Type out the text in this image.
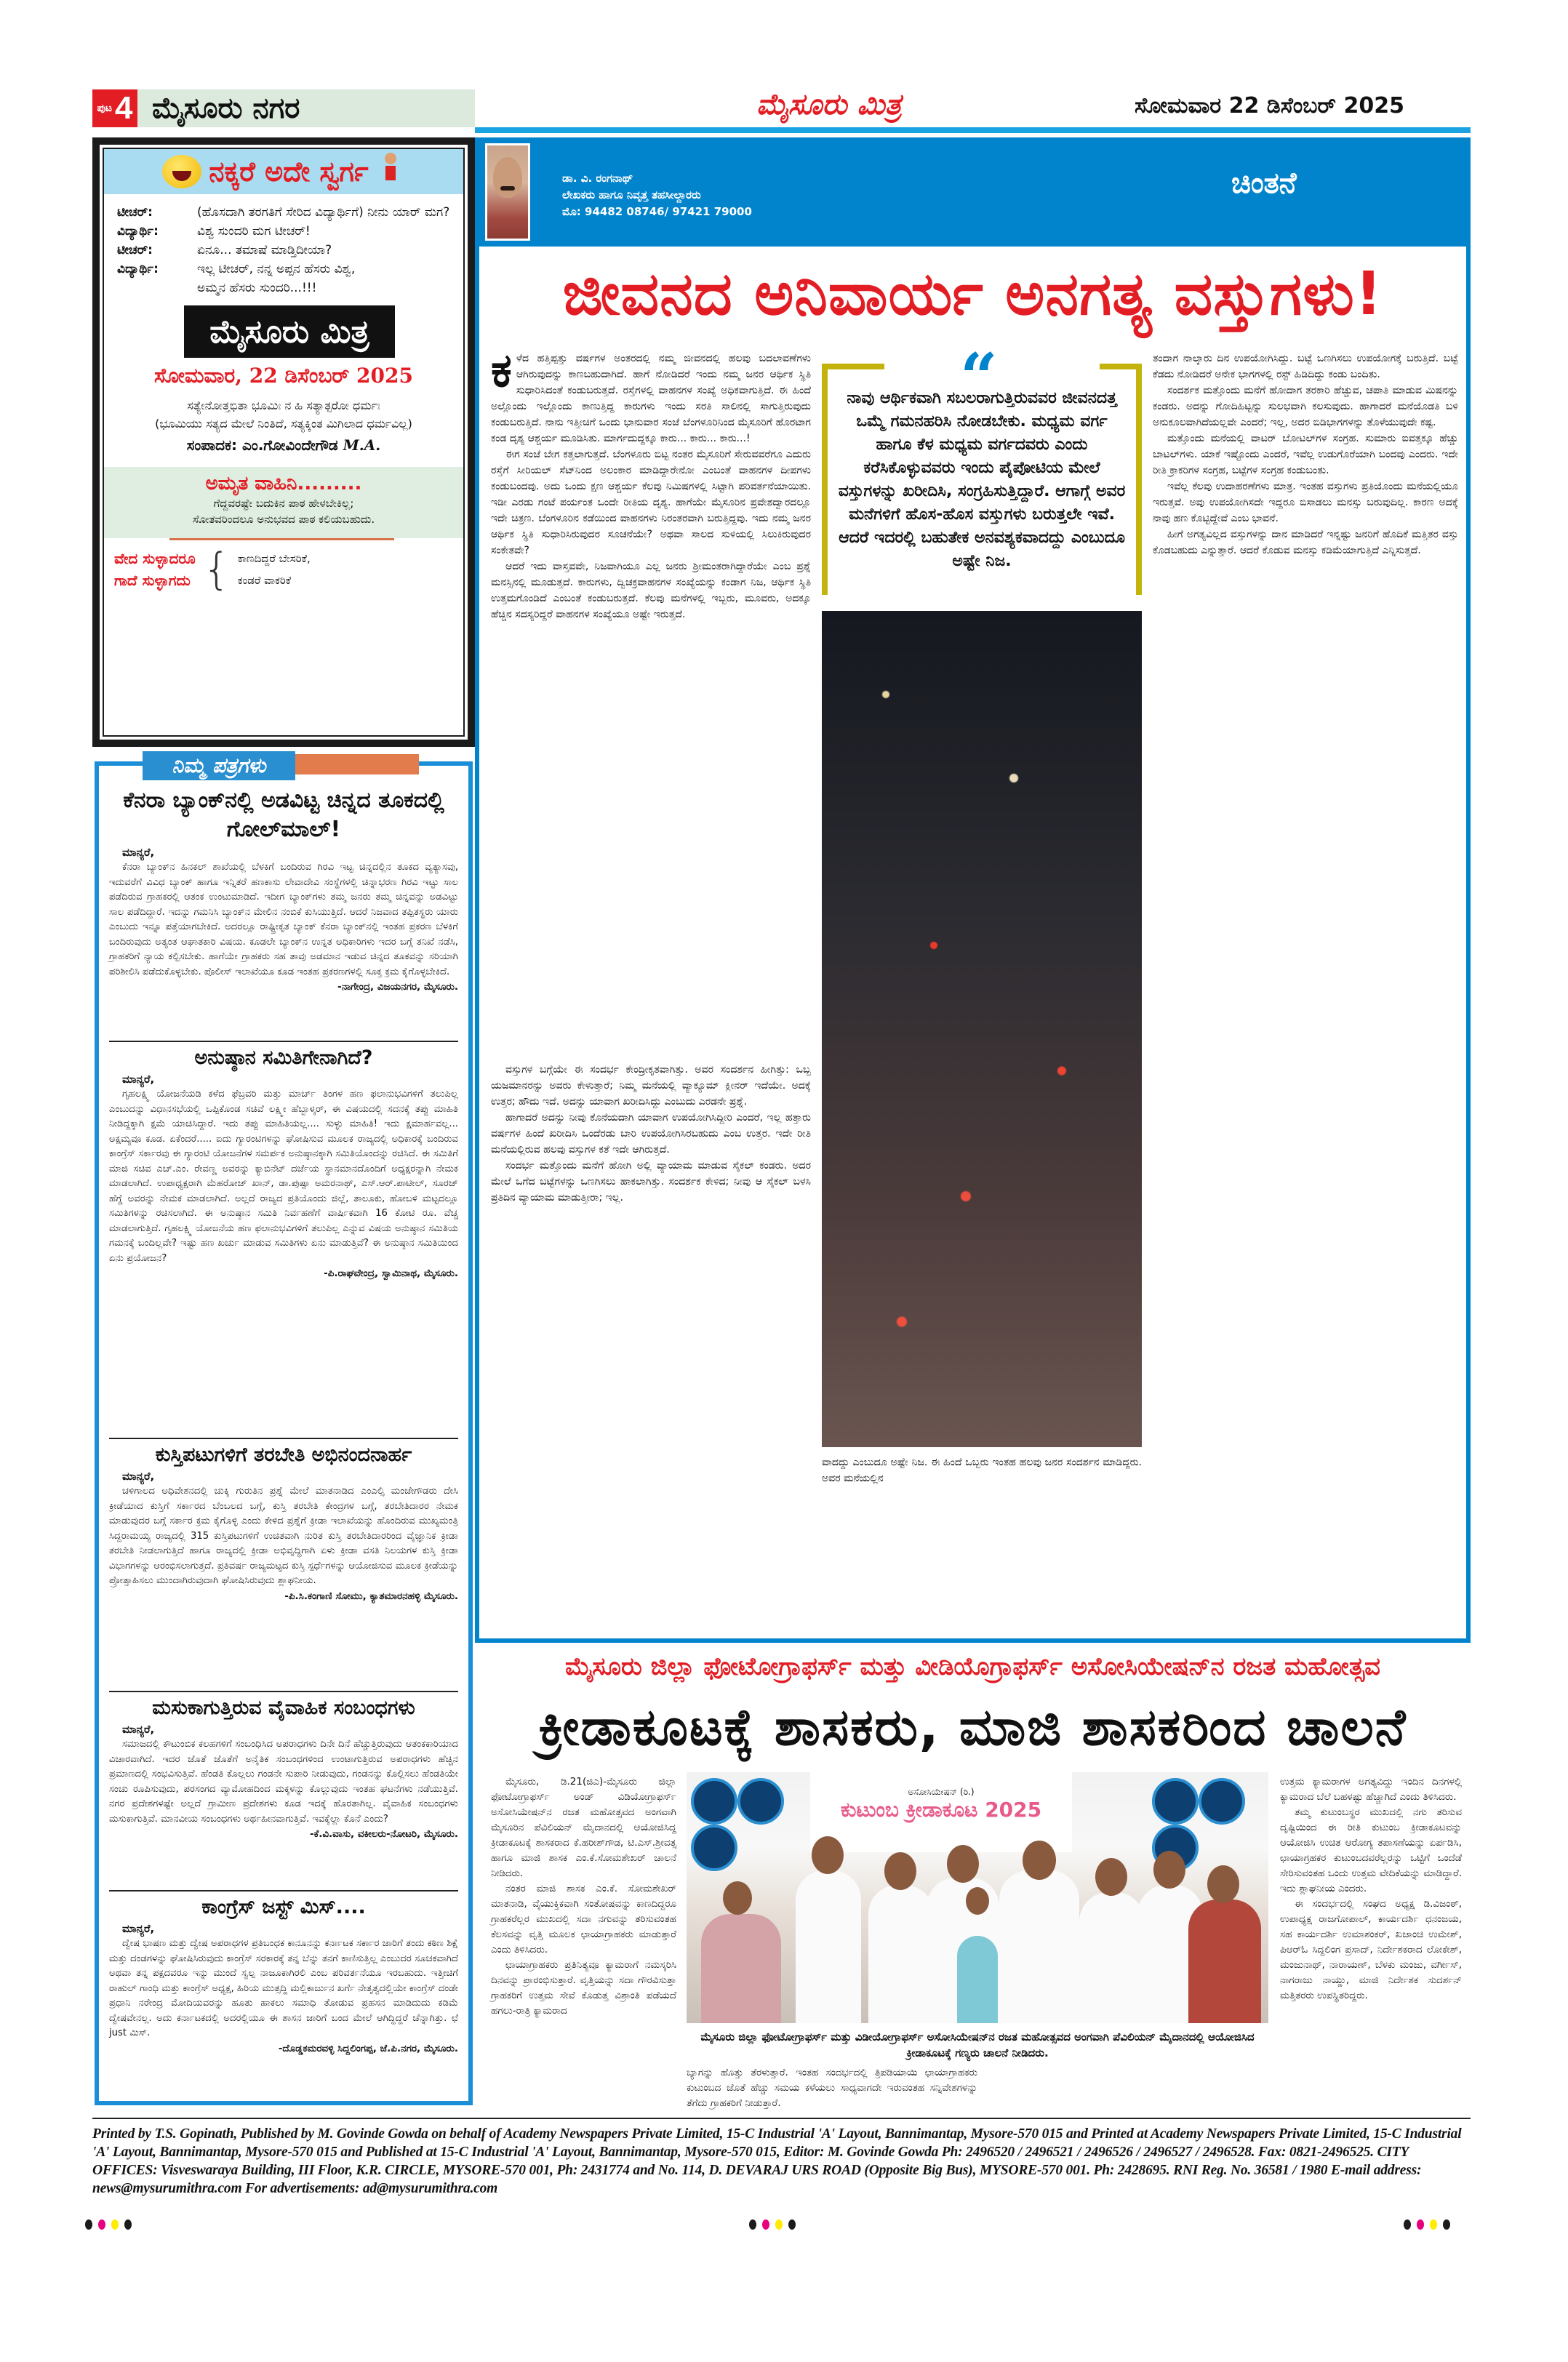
ಪುಟ 4 ಮೈಸೂರು ನಗರ	ಮೈಸೂರು ಮಿತ್ರ	ಸೋಮವಾರ 22 ಡಿಸೆಂಬರ್ 2025
ನಕ್ಕರೆ ಅದೇ ಸ್ವರ್ಗ
ಟೀಚರ್:	(ಹೊಸದಾಗಿ ತರಗತಿಗೆ ಸೇರಿದ ವಿದ್ಯಾರ್ಥಿಗೆ) ನೀನು ಯಾರ್ ಮಗ?
ವಿದ್ಯಾರ್ಥಿ:	ವಿಶ್ವ ಸುಂದರಿ ಮಗ ಟೀಚರ್!
ಟೀಚರ್:	ಏನೂ... ತಮಾಷೆ ಮಾಡ್ತಿದೀಯಾ?
ವಿದ್ಯಾರ್ಥಿ:	ಇಲ್ಲ ಟೀಚರ್, ನನ್ನ ಅಪ್ಪನ ಹೆಸರು ವಿಶ್ವ,
ಅಮ್ಮನ ಹೆಸರು ಸುಂದರಿ...!!!
ಮೈಸೂರು ಮಿತ್ರ
ಸೋಮವಾರ, 22 ಡಿಸೆಂಬರ್ 2025
ಸತ್ಯೇನೋತ್ತಭಿತಾ ಭೂಮಿಃ ನ ಹಿ ಸತ್ಯಾತ್ಪರೋ ಧರ್ಮಃ
(ಭೂಮಿಯು ಸತ್ಯದ ಮೇಲೆ ನಿಂತಿದೆ, ಸತ್ಯಕ್ಕಿಂತ ಮಿಗಿಲಾದ ಧರ್ಮವಿಲ್ಲ)
ಸಂಪಾದಕ: ಎಂ.ಗೋವಿಂದೇಗೌಡ M.A.
ಅಮೃತ ವಾಹಿನಿ.........
ಗೆದ್ದವರಷ್ಟೇ ಬದುಕಿನ ಪಾಠ ಹೇಳಬೇಕಿಲ್ಲ;
ಸೋತವರಿಂದಲೂ ಅನುಭವದ ಪಾಠ ಕಲಿಯಬಹುದು.
ವೇದ ಸುಳ್ಳಾದರೂ
ಗಾದೆ ಸುಳ್ಳಾಗದು { ಕಾಣದಿದ್ದರೆ ಬೇಸರಿಕೆ,
ಕಂಡರೆ ವಾಕರಿಕೆ
ನಿಮ್ಮ ಪತ್ರಗಳು
ಕೆನರಾ ಬ್ಯಾಂಕ್‌ನಲ್ಲಿ ಅಡವಿಟ್ಟ ಚಿನ್ನದ ತೂಕದಲ್ಲಿ ಗೋಲ್‌ಮಾಲ್!
ಮಾನ್ಯರೆ,
ಕೆನರಾ ಬ್ಯಾಂಕ್‌ನ ಹಿನಕಲ್ ಶಾಖೆಯಲ್ಲಿ ಬೆಳಕಿಗೆ ಬಂದಿರುವ ಗಿರವಿ ಇಟ್ಟ ಚಿನ್ನದಲ್ಲಿನ ತೂಕದ ವ್ಯತ್ಯಾಸವು, ಇದುವರೆಗೆ ವಿವಿಧ ಬ್ಯಾಂಕ್ ಹಾಗೂ ಇನ್ನಿತರೆ ಹಣಕಾಸು ಲೇವಾದೇವಿ ಸಂಸ್ಥೆಗಳಲ್ಲಿ ಚಿನ್ನಾಭರಣ ಗಿರವಿ ಇಟ್ಟು ಸಾಲ ಪಡೆದಿರುವ ಗ್ರಾಹಕರಲ್ಲಿ ಆತಂಕ ಉಂಟುಮಾಡಿದೆ. ಇದೀಗ ಬ್ಯಾಂಕ್‌ಗಳು ತಮ್ಮ ಜನರು ತಮ್ಮ ಚಿನ್ನವನ್ನು ಅಡವಿಟ್ಟು ಸಾಲ ಪಡೆದಿದ್ದಾರೆ. ಇದನ್ನು ಗಮನಿಸಿ ಬ್ಯಾಂಕ್‌ನ ಮೇಲಿನ ನಂಬಿಕೆ ಕುಸಿಯುತ್ತಿದೆ. ಆದರೆ ನಿಜವಾದ ತಪ್ಪಿತಸ್ಥರು ಯಾರು ಎಂಬುದು ಇನ್ನೂ ಪತ್ತೆಯಾಗಬೇಕಿದೆ. ಅದರಲ್ಲೂ ರಾಷ್ಟ್ರೀಕೃತ ಬ್ಯಾಂಕ್ ಕೆನರಾ ಬ್ಯಾಂಕ್‌ನಲ್ಲಿ ಇಂತಹ ಪ್ರಕರಣ ಬೆಳಕಿಗೆ ಬಂದಿರುವುದು ಅತ್ಯಂತ ಆಘಾತಕಾರಿ ವಿಷಯ. ಕೂಡಲೇ ಬ್ಯಾಂಕ್‌ನ ಉನ್ನತ ಅಧಿಕಾರಿಗಳು ಇದರ ಬಗ್ಗೆ ತನಿಖೆ ನಡೆಸಿ, ಗ್ರಾಹಕರಿಗೆ ನ್ಯಾಯ ಕಲ್ಪಿಸಬೇಕು. ಹಾಗೆಯೇ ಗ್ರಾಹಕರು ಸಹ ತಾವು ಅಡಮಾನ ಇಡುವ ಚಿನ್ನದ ತೂಕವನ್ನು ಸರಿಯಾಗಿ ಪರಿಶೀಲಿಸಿ ಪಡೆದುಕೊಳ್ಳಬೇಕು. ಪೊಲೀಸ್ ಇಲಾಖೆಯೂ ಕೂಡ ಇಂತಹ ಪ್ರಕರಣಗಳಲ್ಲಿ ಸೂಕ್ತ ಕ್ರಮ ಕೈಗೊಳ್ಳಬೇಕಿದೆ.
-ನಾಗೇಂದ್ರ, ವಿಜಯನಗರ, ಮೈಸೂರು.
ಅನುಷ್ಠಾನ ಸಮಿತಿಗೇನಾಗಿದೆ?
ಮಾನ್ಯರೆ,
ಗೃಹಲಕ್ಷ್ಮಿ ಯೋಜನೆಯಡಿ ಕಳೆದ ಫೆಬ್ರವರಿ ಮತ್ತು ಮಾರ್ಚ್ ತಿಂಗಳ ಹಣ ಫಲಾನುಭವಿಗಳಿಗೆ ತಲುಪಿಲ್ಲ ಎಂಬುದನ್ನು ವಿಧಾನಸಭೆಯಲ್ಲಿ ಒಪ್ಪಿಕೊಂಡ ಸಚಿವೆ ಲಕ್ಷ್ಮೀ ಹೆಬ್ಬಾಳ್ಕರ್, ಈ ವಿಷಯದಲ್ಲಿ ಸದನಕ್ಕೆ ತಪ್ಪು ಮಾಹಿತಿ ನೀಡಿದ್ದಕ್ಕಾಗಿ ಕ್ಷಮೆ ಯಾಚಿಸಿದ್ದಾರೆ. ಇದು ತಪ್ಪು ಮಾಹಿತಿಯಲ್ಲ.... ಸುಳ್ಳು ಮಾಹಿತಿ! ಇದು ಕ್ಷಮಾರ್ಹವಲ್ಲ... ಅಕ್ಷಮ್ಯವೂ ಕೂಡ. ಏಕೆಂದರೆ..... ಐದು ಗ್ಯಾರಂಟಿಗಳನ್ನು ಘೋಷಿಸುವ ಮೂಲಕ ರಾಜ್ಯದಲ್ಲಿ ಅಧಿಕಾರಕ್ಕೆ ಬಂದಿರುವ ಕಾಂಗ್ರೆಸ್ ಸರ್ಕಾರವು ಈ ಗ್ಯಾರಂಟಿ ಯೋಜನೆಗಳ ಸಮರ್ಪಕ ಅನುಷ್ಠಾನಕ್ಕಾಗಿ ಸಮಿತಿಯೊಂದನ್ನು ರಚಿಸಿದೆ. ಈ ಸಮಿತಿಗೆ ಮಾಜಿ ಸಚಿವ ಎಚ್.ಎಂ. ರೇವಣ್ಣ ಅವರನ್ನು ಕ್ಯಾಬಿನೆಟ್ ದರ್ಜೆಯ ಸ್ಥಾನಮಾನದೊಂದಿಗೆ ಅಧ್ಯಕ್ಷರನ್ನಾಗಿ ನೇಮಕ ಮಾಡಲಾಗಿದೆ. ಉಪಾಧ್ಯಕ್ಷರಾಗಿ ಮೆಹರೋಜ್ ಖಾನ್, ಡಾ.ಪುಷ್ಪಾ ಅಮರನಾಥ್, ಎಸ್.ಆರ್.ಪಾಟೀಲ್, ಸೂರಜ್ ಹೆಗ್ಡೆ ಅವರನ್ನು ನೇಮಕ ಮಾಡಲಾಗಿದೆ. ಅಲ್ಲದೆ ರಾಜ್ಯದ ಪ್ರತಿಯೊಂದು ಜಿಲ್ಲೆ, ತಾಲೂಕು, ಹೋಬಳಿ ಮಟ್ಟದಲ್ಲೂ ಸಮಿತಿಗಳನ್ನು ರಚಿಸಲಾಗಿದೆ. ಈ ಅನುಷ್ಠಾನ ಸಮಿತಿ ನಿರ್ವಹಣೆಗೆ ವಾರ್ಷಿಕವಾಗಿ 16 ಕೋಟಿ ರೂ. ವೆಚ್ಚ ಮಾಡಲಾಗುತ್ತಿದೆ. ಗೃಹಲಕ್ಷ್ಮಿ ಯೋಜನೆಯ ಹಣ ಫಲಾನುಭವಿಗಳಿಗೆ ತಲುಪಿಲ್ಲ ಎನ್ನುವ ವಿಷಯ ಅನುಷ್ಠಾನ ಸಮಿತಿಯ ಗಮನಕ್ಕೆ ಬಂದಿಲ್ಲವೇ? ಇಷ್ಟು ಹಣ ಖರ್ಚು ಮಾಡುವ ಸಮಿತಿಗಳು ಏನು ಮಾಡುತ್ತಿವೆ? ಈ ಅನುಷ್ಠಾನ ಸಮಿತಿಯಿಂದ ಏನು ಪ್ರಯೋಜನ?
-ಪಿ.ರಾಘವೇಂದ್ರ, ಸ್ವಾಮಿನಾಥ, ಮೈಸೂರು.
ಕುಸ್ತಿಪಟುಗಳಿಗೆ ತರಬೇತಿ ಅಭಿನಂದನಾರ್ಹ
ಮಾನ್ಯರೆ,
ಚಳಿಗಾಲದ ಅಧಿವೇಶನದಲ್ಲಿ ಚುಕ್ಕಿ ಗುರುತಿನ ಪ್ರಶ್ನೆ ಮೇಲೆ ಮಾತನಾಡಿದ ಎಂಎಲ್ಸಿ ಮಂಜೇಗೌಡರು ದೇಸಿ ಕ್ರೀಡೆಯಾದ ಕುಸ್ತಿಗೆ ಸರ್ಕಾರದ ಬೆಂಬಲದ ಬಗ್ಗೆ, ಕುಸ್ತಿ ತರಬೇತಿ ಕೇಂದ್ರಗಳ ಬಗ್ಗೆ, ತರಬೇತಿದಾರರ ನೇಮಕ ಮಾಡುವುದರ ಬಗ್ಗೆ ಸರ್ಕಾರ ಕ್ರಮ ಕೈಗೊಳ್ಳಿ ಎಂದು ಕೇಳಿದ ಪ್ರಶ್ನೆಗೆ ಕ್ರೀಡಾ ಇಲಾಖೆಯನ್ನು ಹೊಂದಿರುವ ಮುಖ್ಯಮಂತ್ರಿ ಸಿದ್ದರಾಮಯ್ಯ ರಾಜ್ಯದಲ್ಲಿ 315 ಕುಸ್ತಿಪಟುಗಳಿಗೆ ಉಚಿತವಾಗಿ ನುರಿತ ಕುಸ್ತಿ ತರಬೇತಿದಾರರಿಂದ ವೈಜ್ಞಾನಿಕ ಕ್ರೀಡಾ ತರಬೇತಿ ನೀಡಲಾಗುತ್ತಿದೆ ಹಾಗೂ ರಾಜ್ಯದಲ್ಲಿ ಕ್ರೀಡಾ ಅಭಿವೃದ್ಧಿಗಾಗಿ ಏಳು ಕ್ರೀಡಾ ವಸತಿ ನಿಲಯಗಳ ಕುಸ್ತಿ ಕ್ರೀಡಾ ವಿಭಾಗಗಳನ್ನು ಆರಂಭಿಸಲಾಗುತ್ತದೆ. ಪ್ರತಿವರ್ಷ ರಾಜ್ಯಮಟ್ಟದ ಕುಸ್ತಿ ಸ್ಪರ್ಧೆಗಳನ್ನು ಆಯೋಜಿಸುವ ಮೂಲಕ ಕ್ರೀಡೆಯನ್ನು ಪ್ರೋತ್ಸಾಹಿಸಲು ಮುಂದಾಗಿರುವುದಾಗಿ ಘೋಷಿಸಿರುವುದು ಶ್ಲಾಘನೀಯ.
-ಪಿ.ಸಿ.ಕಂಗಾಣಿ ಸೋಮು, ಕ್ಯಾತಮಾರನಹಳ್ಳಿ ಮೈಸೂರು.
ಮಸುಕಾಗುತ್ತಿರುವ ವೈವಾಹಿಕ ಸಂಬಂಧಗಳು
ಮಾನ್ಯರೆ,
ಸಮಾಜದಲ್ಲಿ ಕೌಟುಂಬಿಕ ಕಲಹಗಳಿಗೆ ಸಂಬಂಧಿಸಿದ ಅಪರಾಧಗಳು ದಿನೇ ದಿನೆ ಹೆಚ್ಚುತ್ತಿರುವುದು ಆತಂಕಕಾರಿಯಾದ ವಿಚಾರವಾಗಿದೆ. ಇದರ ಜೊತೆ ಜೊತೆಗೆ ಅನೈತಿಕ ಸಂಬಂಧಗಳಿಂದ ಉಂಟಾಗುತ್ತಿರುವ ಅಪರಾಧಗಳು ಹೆಚ್ಚಿನ ಪ್ರಮಾಣದಲ್ಲಿ ಸಂಭವಿಸುತ್ತಿವೆ. ಹೆಂಡತಿ ಕೊಲ್ಲಲು ಗಂಡನೇ ಸುಪಾರಿ ನೀಡುವುದು, ಗಂಡನನ್ನು ಕೊಲ್ಲಿಸಲು ಹೆಂಡತಿಯೇ ಸಂಚು ರೂಪಿಸುವುದು, ಪರಸಂಗದ ವ್ಯಾಮೋಹದಿಂದ ಮಕ್ಕಳನ್ನು ಕೊಲ್ಲುವುದು ಇಂತಹ ಘಟನೆಗಳು ನಡೆಯುತ್ತಿವೆ. ನಗರ ಪ್ರದೇಶಗಳಷ್ಟೇ ಅಲ್ಲದೆ ಗ್ರಾಮೀಣ ಪ್ರದೇಶಗಳು ಕೂಡ ಇದಕ್ಕೆ ಹೊರತಾಗಿಲ್ಲ. ವೈವಾಹಿಕ ಸಂಬಂಧಗಳು ಮಸುಕಾಗುತ್ತಿವೆ. ಮಾನವೀಯ ಸಂಬಂಧಗಳು ಅರ್ಥಹೀನವಾಗುತ್ತಿವೆ. ಇವಕ್ಕೆಲ್ಲಾ ಕೊನೆ ಎಂದು?
-ಕೆ.ವಿ.ವಾಸು, ವಕೀಲರು-ನೋಟರಿ, ಮೈಸೂರು.
ಕಾಂಗ್ರೆಸ್ ಜಸ್ಟ್ ಮಿಸ್....
ಮಾನ್ಯರೆ,
ದ್ವೇಷ ಭಾಷಣ ಮತ್ತು ದ್ವೇಷ ಅಪರಾಧಗಳ ಪ್ರತಿಬಂಧಕ ಕಾನೂನನ್ನು ಕರ್ನಾಟಕ ಸರ್ಕಾರ ಜಾರಿಗೆ ತಂದು ಕಠಿಣ ಶಿಕ್ಷೆ ಮತ್ತು ದಂಡಗಳನ್ನು ಘೋಷಿಸಿರುವುದು ಕಾಂಗ್ರೆಸ್ ಸರಕಾರಕ್ಕೆ ತನ್ನ ಬೆನ್ನು ತನಗೆ ಕಾಣಿಸುತ್ತಿಲ್ಲ ಎಂಬುದರ ಸೂಚಕವಾಗಿದೆ ಅಥವಾ ತನ್ನ ಪಕ್ಷದವರೂ ಇನ್ನು ಮುಂದೆ ಸ್ವಲ್ಪ ನಾಜೂಕಾಗಿರಲಿ ಎಂಬ ಪರಿವರ್ತನೆಯೂ ಇರಬಹುದು. ಇತ್ತೀಚಿಗೆ ರಾಹುಲ್ ಗಾಂಧಿ ಮತ್ತು ಕಾಂಗ್ರೆಸ್ ಅಧ್ಯಕ್ಷ, ಹಿರಿಯ ಮುತ್ಸದ್ದಿ ಮಲ್ಲಿಕಾರ್ಜುನ ಖರ್ಗೆ ನೇತೃತ್ವದಲ್ಲಿಯೇ ಕಾಂಗ್ರೆಸ್ ದಂಡೇ ಪ್ರಧಾನಿ ನರೇಂದ್ರ ಮೋದಿಯವರನ್ನು ಹೂತು ಹಾಕಲು ಸಮಾಧಿ ತೋಡುವ ಪ್ರಹಸನ ಮಾಡಿದುದು ಕಡಿಮೆ ದ್ವೇಷವೇನಲ್ಲ. ಅದು ಕರ್ನಾಟಕದಲ್ಲಿ ಅದರಲ್ಲಿಯೂ ಈ ಶಾಸನ ಜಾರಿಗೆ ಬಂದ ಮೇಲೆ ಆಗಿದ್ದಿದ್ದರೆ ಚೆನ್ನಾಗಿತ್ತು. ಛೆ just ಮಿಸ್.
-ದೊಡ್ಡಕಮರವಳ್ಳಿ ಸಿದ್ದಲಿಂಗಪ್ಪ, ಜೆ.ಪಿ.ನಗರ, ಮೈಸೂರು.
ಡಾ. ವಿ. ರಂಗನಾಥ್
ಲೇಖಕರು ಹಾಗೂ ನಿವೃತ್ತ ತಹಸೀಲ್ದಾರರು
ಮೊ: 94482 08746/ 97421 79000
ಚಿಂತನೆ
ಜೀವನದ ಅನಿವಾರ್ಯ ಅನಗತ್ಯ ವಸ್ತುಗಳು!
ಕ ಳೆದ ಹತ್ತಿಪ್ಪತ್ತು ವರ್ಷಗಳ ಅಂತರದಲ್ಲಿ ನಮ್ಮ ಜೀವನದಲ್ಲಿ ಹಲವು ಬದಲಾವಣೆಗಳು ಆಗಿರುವುದನ್ನು ಕಾಣಬಹುದಾಗಿದೆ. ಹಾಗೆ ನೋಡಿದರೆ ಇಂದು ನಮ್ಮ ಜನರ ಆರ್ಥಿಕ ಸ್ಥಿತಿ ಸುಧಾರಿಸಿದಂತೆ ಕಂಡುಬರುತ್ತದೆ. ರಸ್ತೆಗಳಲ್ಲಿ ವಾಹನಗಳ ಸಂಖ್ಯೆ ಅಧಿಕವಾಗುತ್ತಿದೆ. ಈ ಹಿಂದೆ ಅಲ್ಲೊಂದು ಇಲ್ಲೊಂದು ಕಾಣುತ್ತಿದ್ದ ಕಾರುಗಳು ಇಂದು ಸರತಿ ಸಾಲಿನಲ್ಲಿ ಸಾಗುತ್ತಿರುವುದು ಕಂಡುಬರುತ್ತಿದೆ. ನಾನು ಇತ್ತೀಚಿಗೆ ಒಂದು ಭಾನುವಾರ ಸಂಜೆ ಬೆಂಗಳೂರಿನಿಂದ ಮೈಸೂರಿಗೆ ಹೊರಟಾಗ ಕಂಡ ದೃಶ್ಯ ಆಶ್ಚರ್ಯ ಮೂಡಿಸಿತು. ಮಾರ್ಗದುದ್ದಕ್ಕೂ ಕಾರು... ಕಾರು... ಕಾರು...!

ಈಗ ಸಂಜೆ ಬೇಗ ಕತ್ತಲಾಗುತ್ತದೆ. ಬೆಂಗಳೂರು ಬಿಟ್ಟ ನಂತರ ಮೈಸೂರಿಗೆ ಸೇರುವವರೆಗೂ ಎದುರು ರಸ್ತೆಗೆ ಸೀರಿಯಲ್ ಸೆಟ್‌ನಿಂದ ಅಲಂಕಾರ ಮಾಡಿದ್ದಾರೇನೋ ಎಂಬಂತೆ ವಾಹನಗಳ ದೀಪಗಳು ಕಂಡುಬಂದವು. ಅದು ಒಂದು ಕ್ಷಣ ಆಶ್ಚರ್ಯ ಕೆಲವು ನಿಮಿಷಗಳಲ್ಲಿ ಸಿಟ್ಟಾಗಿ ಪರಿವರ್ತನೆಯಾಯಿತು. ಇಡೀ ಎರಡು ಗಂಟೆ ಪರ್ಯಂತ ಒಂದೇ ರೀತಿಯ ದೃಶ್ಯ. ಹಾಗೆಯೇ ಮೈಸೂರಿನ ಪ್ರವೇಶದ್ವಾರದಲ್ಲೂ ಇದೇ ಚಿತ್ರಣ. ಬೆಂಗಳೂರಿನ ಕಡೆಯಿಂದ ವಾಹನಗಳು ನಿರಂತರವಾಗಿ ಬರುತ್ತಿದ್ದವು. ಇದು ನಮ್ಮ ಜನರ ಆರ್ಥಿಕ ಸ್ಥಿತಿ ಸುಧಾರಿಸಿರುವುದರ ಸೂಚನೆಯೇ? ಅಥವಾ ಸಾಲದ ಸುಳಿಯಲ್ಲಿ ಸಿಲುಕಿರುವುದರ ಸಂಕೇತವೇ?

ಆದರೆ ಇದು ವಾಸ್ತವವೇ, ನಿಜವಾಗಿಯೂ ಎಲ್ಲ ಜನರು ಶ್ರೀಮಂತರಾಗಿದ್ದಾರೆಯೇ ಎಂಬ ಪ್ರಶ್ನೆ ಮನಸ್ಸಿನಲ್ಲಿ ಮೂಡುತ್ತದೆ. ಕಾರುಗಳು, ದ್ವಿಚಕ್ರವಾಹನಗಳ ಸಂಖ್ಯೆಯನ್ನು ಕಂಡಾಗ ನಿಜ, ಆರ್ಥಿಕ ಸ್ಥಿತಿ ಉತ್ತಮಗೊಂಡಿದೆ ಎಂಬಂತೆ ಕಂಡುಬರುತ್ತದೆ. ಕೆಲವು ಮನೆಗಳಲ್ಲಿ ಇಬ್ಬರು, ಮೂವರು, ಅದಕ್ಕೂ ಹೆಚ್ಚಿನ ಸದಸ್ಯರಿದ್ದರೆ ವಾಹನಗಳ ಸಂಖ್ಯೆಯೂ ಅಷ್ಟೇ ಇರುತ್ತದೆ.

“
ನಾವು ಆರ್ಥಿಕವಾಗಿ ಸಬಲರಾಗುತ್ತಿರುವವರ ಜೀವನದತ್ತ ಒಮ್ಮೆ ಗಮನಹರಿಸಿ ನೋಡಬೇಕು. ಮಧ್ಯಮ ವರ್ಗ ಹಾಗೂ ಕೆಳ ಮಧ್ಯಮ ವರ್ಗದವರು ಎಂದು ಕರೆಸಿಕೊಳ್ಳುವವರು ಇಂದು ಪೈಪೋಟಿಯ ಮೇಲೆ ವಸ್ತುಗಳನ್ನು ಖರೀದಿಸಿ, ಸಂಗ್ರಹಿಸುತ್ತಿದ್ದಾರೆ. ಆಗಾಗ್ಗೆ ಅವರ ಮನೆಗಳಿಗೆ ಹೊಸ-ಹೊಸ ವಸ್ತುಗಳು ಬರುತ್ತಲೇ ಇವೆ. ಆದರೆ ಇದರಲ್ಲಿ ಬಹುತೇಕ ಅನವಶ್ಯಕವಾದದ್ದು ಎಂಬುದೂ ಅಷ್ಟೇ ನಿಜ.

ವಾದದ್ದು ಎಂಬುದೂ ಅಷ್ಟೇ ನಿಜ. ಈ ಹಿಂದೆ ಒಬ್ಬರು ಇಂತಹ ಹಲವು ಜನರ ಸಂದರ್ಶನ ಮಾಡಿದ್ದರು. ಅವರ ಮನೆಯಲ್ಲಿನ

ತಂದಾಗ ನಾಲ್ಕಾರು ದಿನ ಉಪಯೋಗಿಸಿದ್ದು. ಬಟ್ಟೆ ಒಣಗಿಸಲು ಉಪಯೋಗಕ್ಕೆ ಬರುತ್ತಿದೆ. ಬಟ್ಟೆ ಕೆಡದು ನೋಡಿದರೆ ಅನೇಕ ಭಾಗಗಳಲ್ಲಿ ರಸ್ಟ್ ಹಿಡಿದಿದ್ದು ಕಂಡು ಬಂದಿತು.

ಸಂದರ್ಶಕ ಮತ್ತೊಂದು ಮನೆಗೆ ಹೋದಾಗ ತರಕಾರಿ ಹೆಚ್ಚುವ, ಚಪಾತಿ ಮಾಡುವ ಮಿಷನನ್ನು ಕಂಡರು. ಅದನ್ನು ಗೋದಿಹಿಟ್ಟನ್ನು ಸುಲಭವಾಗಿ ಕಲಸುವುದು. ಹಾಗಾದರೆ ಮನೆಯೊಡತಿ ಬಳಿ ಅನುಕೂಲವಾಗಿದೆಯಲ್ಲವೇ ಎಂದರೆ; ಇಲ್ಲ, ಅದರ ಬಿಡಿಭಾಗಗಳನ್ನು ತೊಳೆಯುವುದೇ ಕಷ್ಟ.

ಮತ್ತೊಂದು ಮನೆಯಲ್ಲಿ ವಾಟರ್ ಬೋಟಲ್‌ಗಳ ಸಂಗ್ರಹ. ಸುಮಾರು ಐವತ್ತಕ್ಕೂ ಹೆಚ್ಚು ಬಾಟಲ್‌ಗಳು. ಯಾಕೆ ಇಷ್ಟೊಂದು ಎಂದರೆ, ಇವೆಲ್ಲ ಉಡುಗೊರೆಯಾಗಿ ಬಂದವು ಎಂದರು. ಇದೇ ರೀತಿ ಕ್ರಾಕರಿಗಳ ಸಂಗ್ರಹ, ಬಟ್ಟೆಗಳ ಸಂಗ್ರಹ ಕಂಡುಬಂತು.

ಇವೆಲ್ಲ ಕೆಲವು ಉದಾಹರಣೆಗಳು ಮಾತ್ರ. ಇಂತಹ ವಸ್ತುಗಳು ಪ್ರತಿಯೊಂದು ಮನೆಯಲ್ಲಿಯೂ ಇರುತ್ತವೆ. ಅವು ಉಪಯೋಗಿಸದೇ ಇದ್ದರೂ ಬಿಸಾಡಲು ಮನಸ್ಸು ಬರುವುದಿಲ್ಲ. ಕಾರಣ ಅದಕ್ಕೆ ನಾವು ಹಣ ಕೊಟ್ಟಿದ್ದೇವೆ ಎಂಬ ಭಾವನೆ.

ಹೀಗೆ ಅಗತ್ಯವಿಲ್ಲದ ವಸ್ತುಗಳನ್ನು ದಾನ ಮಾಡಿದರೆ ಇನ್ನಷ್ಟು ಜನರಿಗೆ ಹೊದಿಕೆ ಮತ್ತಿತರ ವಸ್ತು ಕೊಡಬಹುದು ಎನ್ನುತ್ತಾರೆ. ಆದರೆ ಕೊಡುವ ಮನಸ್ಸು ಕಡಿಮೆಯಾಗುತ್ತಿದೆ ಎನ್ನಿಸುತ್ತದೆ.

ವಸ್ತುಗಳ ಬಗ್ಗೆಯೇ ಈ ಸಂದರ್ಭ ಕೇಂದ್ರೀಕೃತವಾಗಿತ್ತು. ಅವರ ಸಂದರ್ಶನ ಹೀಗಿತ್ತು: ಒಬ್ಬ ಯಜಮಾನರನ್ನು ಅವರು ಕೇಳುತ್ತಾರೆ; ನಿಮ್ಮ ಮನೆಯಲ್ಲಿ ವ್ಯಾಕ್ಯೂಮ್ ಕ್ಲೀನರ್ ಇದೆಯೇ. ಅದಕ್ಕೆ ಉತ್ತರ; ಹೌದು ಇದೆ. ಅದನ್ನು ಯಾವಾಗ ಖರೀದಿಸಿದ್ದು ಎಂಬುದು ಎರಡನೇ ಪ್ರಶ್ನೆ.

ಹಾಗಾದರೆ ಅದನ್ನು ನೀವು ಕೊನೆಯದಾಗಿ ಯಾವಾಗ ಉಪಯೋಗಿಸಿದ್ದೀರಿ ಎಂದರೆ, ಇಲ್ಲ ಹತ್ತಾರು ವರ್ಷಗಳ ಹಿಂದೆ ಖರೀದಿಸಿ ಒಂದೆರಡು ಬಾರಿ ಉಪಯೋಗಿಸಿರಬಹುದು ಎಂಬ ಉತ್ತರ. ಇದೇ ರೀತಿ ಮನೆಯಲ್ಲಿರುವ ಹಲವು ವಸ್ತುಗಳ ಕತೆ ಇದೇ ಆಗಿರುತ್ತದೆ.

ಸಂದರ್ಭ ಮತ್ತೊಂದು ಮನೆಗೆ ಹೋಗಿ ಅಲ್ಲಿ ವ್ಯಾಯಾಮ ಮಾಡುವ ಸೈಕಲ್ ಕಂಡರು. ಅದರ ಮೇಲೆ ಒಗೆದ ಬಟ್ಟೆಗಳನ್ನು ಒಣಗಿಸಲು ಹಾಕಲಾಗಿತ್ತು. ಸಂದರ್ಶಕ ಕೇಳಿದ; ನೀವು ಆ ಸೈಕಲ್ ಬಳಸಿ ಪ್ರತಿದಿನ ವ್ಯಾಯಾಮ ಮಾಡುತ್ತೀರಾ; ಇಲ್ಲ.

ಮೈಸೂರು ಜಿಲ್ಲಾ ಫೋಟೋಗ್ರಾಫರ್ಸ್ ಮತ್ತು ವೀಡಿಯೊಗ್ರಾಫರ್ಸ್ ಅಸೋಸಿಯೇಷನ್‌ನ ರಜತ ಮಹೋತ್ಸವ
ಕ್ರೀಡಾಕೂಟಕ್ಕೆ ಶಾಸಕರು, ಮಾಜಿ ಶಾಸಕರಿಂದ ಚಾಲನೆ

ಮೈಸೂರು, ಡಿ.21(ಜಿಎ)-ಮೈಸೂರು ಜಿಲ್ಲಾ ಫೋಟೋಗ್ರಾಫರ್ಸ್ ಅಂಡ್ ವಿಡಿಯೋಗ್ರಾಫರ್ಸ್ ಅಸೋಸಿಯೇಷನ್‌ನ ರಜತ ಮಹೋತ್ಸವದ ಅಂಗವಾಗಿ ಮೈಸೂರಿನ ಪೆವಿಲಿಯನ್ ಮೈದಾನದಲ್ಲಿ ಆಯೋಜಿಸಿದ್ದ ಕ್ರೀಡಾಕೂಟಕ್ಕೆ ಶಾಸಕರಾದ ಕೆ.ಹರೀಶ್‌ಗೌಡ, ಟಿ.ಎಸ್.ಶ್ರೀವತ್ಸ ಹಾಗೂ ಮಾಜಿ ಶಾಸಕ ಎಂ.ಕೆ.ಸೋಮಶೇಖರ್ ಚಾಲನೆ ನೀಡಿದರು.

ನಂತರ ಮಾಜಿ ಶಾಸಕ ಎಂ.ಕೆ. ಸೋಮಶೇಖರ್ ಮಾತನಾಡಿ, ವೈಯುಕ್ತಿಕವಾಗಿ ಸಂತೋಷವನ್ನು ಕಾಣದಿದ್ದರೂ ಗ್ರಾಹಕರೆಲ್ಲರ ಮುಖದಲ್ಲಿ ಸದಾ ನಗುವನ್ನು ತರಿಸುವಂತಹ ಕೆಲಸವನ್ನು ವೃತ್ತಿ ಮೂಲಕ ಛಾಯಾಗ್ರಾಹಕರು ಮಾಡುತ್ತಾರೆ ಎಂದು ತಿಳಿಸಿದರು.

ಛಾಯಾಗ್ರಾಹಕರು ಪ್ರತಿನಿತ್ಯವೂ ಕ್ಯಾಮರಾಗೆ ನಮಸ್ಕರಿಸಿ ದಿನವನ್ನು ಪ್ರಾರಂಭಿಸುತ್ತಾರೆ. ವೃತ್ತಿಯನ್ನು ಸದಾ ಗೌರವಿಸುತ್ತಾ ಗ್ರಾಹಕರಿಗೆ ಉತ್ತಮ ಸೇವೆ ಕೊಡುತ್ತ ವಿಶ್ರಾಂತಿ ಪಡೆಯದೆ ಹಗಲು-ರಾತ್ರಿ ಕ್ಯಾಮರಾದ

ಅಸೋಸಿಯೇಷನ್ (ರಿ.)
ಕುಟುಂಬ ಕ್ರೀಡಾಕೂಟ 2025
ಮೈಸೂರು ಜಿಲ್ಲಾ ಫೋಟೋಗ್ರಾಫರ್ಸ್ ಮತ್ತು ವಿಡೀಯೋಗ್ರಾಫರ್ಸ್ ಅಸೋಸಿಯೇಷನ್‌ನ ರಜತ ಮಹೋತ್ಸವದ ಅಂಗವಾಗಿ ಪೆವಿಲಿಯನ್ ಮೈದಾನದಲ್ಲಿ ಆಯೋಜಿಸಿದ ಕ್ರೀಡಾಕೂಟಕ್ಕೆ ಗಣ್ಯರು ಚಾಲನೆ ನೀಡಿದರು.

ಬ್ಯಾಗನ್ನು ಹೊತ್ತು ತೆರಳುತ್ತಾರೆ. ಇಂತಹ ಸಂದರ್ಭದಲ್ಲಿ ತ್ರಿಪಡಿಯಾಯಿ ಛಾಯಾಗ್ರಾಹಕರು ಕುಟುಂಬದ ಜೊತೆ ಹೆಚ್ಚು ಸಮಯ ಕಳೆಯಲು ಸಾಧ್ಯವಾಗದೇ ಇರುವಂತಹ ಸನ್ನಿವೇಶಗಳನ್ನು ತೆಗೆದು ಗ್ರಾಹಕರಿಗೆ ನೀಡುತ್ತಾರೆ.

ಉತ್ತಮ ಕ್ಯಾಮರಾಗಳ ಅಗತ್ಯವಿದ್ದು ಇಂದಿನ ದಿನಗಳಲ್ಲಿ ಕ್ಯಾಮರಾದ ಬೆಲೆ ಬಹಳಷ್ಟು ಹೆಚ್ಚಾಗಿದೆ ಎಂದು ತಿಳಿಸಿದರು.

ತಮ್ಮ ಕುಟುಂಬಸ್ಥರ ಮುಖದಲ್ಲಿ ನಗು ತರಿಸುವ ದೃಷ್ಟಿಯಿಂದ ಈ ರೀತಿ ಕುಟುಂಬ ಕ್ರೀಡಾಕೂಟವನ್ನು ಆಯೋಜಿಸಿ ಉಚಿತ ಆರೋಗ್ಯ ತಪಾಸಣೆಯನ್ನು ಏರ್ಪಡಿಸಿ, ಛಾಯಾಗ್ರಹಕರ ಕುಟುಂಬದವರೆಲ್ಲರನ್ನು ಒಟ್ಟಿಗೆ ಒಂದೆಡೆ ಸೇರಿಸುವಂತಹ ಒಂದು ಉತ್ತಮ ವೇದಿಕೆಯನ್ನು ಮಾಡಿದ್ದಾರೆ. ಇದು ಶ್ಲಾಘನೀಯ ಎಂದರು.

ಈ ಸಂದರ್ಭದಲ್ಲಿ ಸಂಘದ ಅಧ್ಯಕ್ಷ ಡಿ.ವಿಜಂಠ್, ಉಪಾಧ್ಯಕ್ಷ ರಾಜಗೋಪಾಲ್, ಕಾರ್ಯದರ್ಶಿ ಧನಂಜಯ, ಸಹ ಕಾರ್ಯದರ್ಶಿ ಉಮಾಶಂಕರ್, ಖಜಾಂಚಿ ಉಮೇಶ್, ಪಿಆರ್‌ಓ ಸಿದ್ದಲಿಂಗ ಪ್ರಸಾದ್, ನಿರ್ದೇಶಕರಾದ ಲೋಕೇಶ್, ಮಂಜುನಾಥ್, ನಾರಾಯಣ್, ಬೆಳಕು ಮಂಜು, ವರ್ಗೀಸ್, ನಾಗರಾಜು ನಾಯ್ಡು, ಮಾಜಿ ನಿರ್ದೇಶಕ ಸುದರ್ಶನ್ ಮತ್ತಿತರರು ಉಪಸ್ಥಿತರಿದ್ದರು.

Printed by T.S. Gopinath, Published by M. Govinde Gowda on behalf of Academy Newspapers Private Limited, 15-C Industrial 'A' Layout, Bannimantap, Mysore-570 015 and Printed at Academy Newspapers Private Limited, 15-C Industrial 'A' Layout, Bannimantap, Mysore-570 015 and Published at 15-C Industrial 'A' Layout, Bannimantap, Mysore-570 015, Editor: M. Govinde Gowda Ph: 2496520 / 2496521 / 2496526 / 2496527 / 2496528. Fax: 0821-2496525. CITY OFFICES: Visveswaraya Building, III Floor, K.R. CIRCLE, MYSORE-570 001, Ph: 2431774 and No. 114, D. DEVARAJ URS ROAD (Opposite Big Bus), MYSORE-570 001. Ph: 2428695. RNI Reg. No. 36581 / 1980 E-mail address: news@mysurumithra.com For advertisements: ad@mysurumithra.com
